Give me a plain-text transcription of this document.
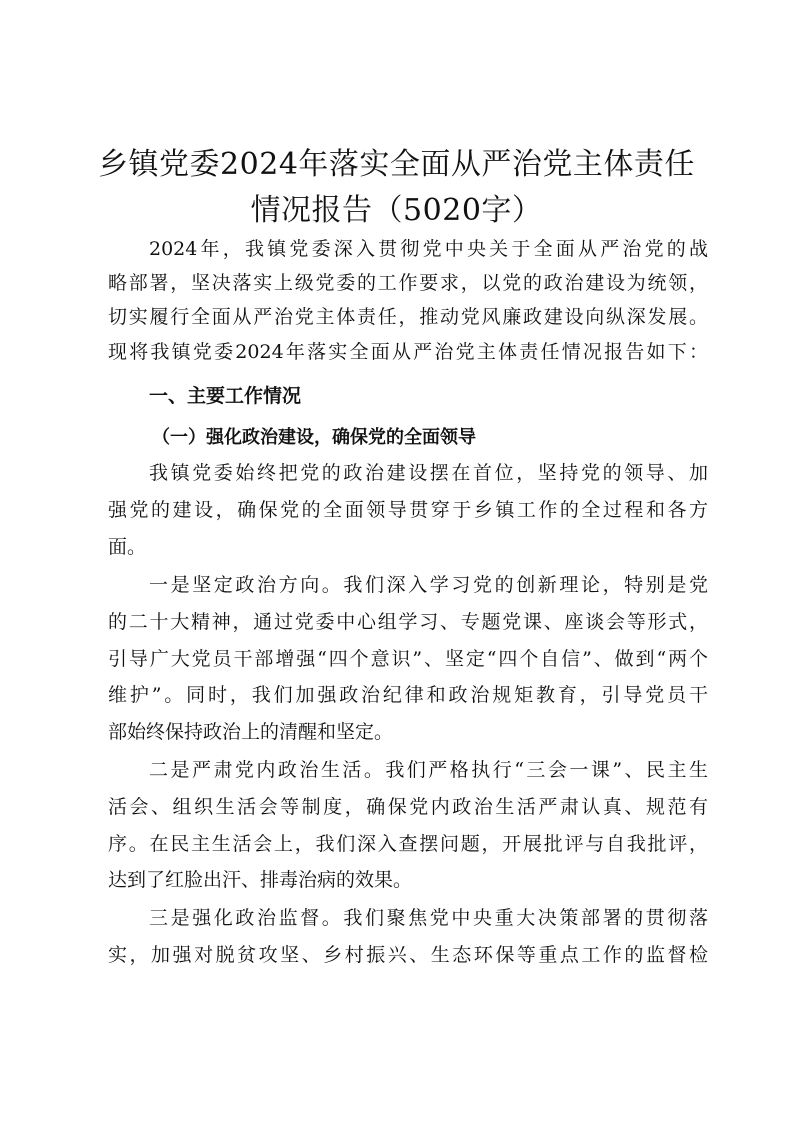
乡镇党委2024年落实全面从严治党主体责任
情况报告（5020字）
2024年，我镇党委深入贯彻党中央关于全面从严治党的战
略部署，坚决落实上级党委的工作要求，以党的政治建设为统领，
切实履行全面从严治党主体责任，推动党风廉政建设向纵深发展。
现将我镇党委2024年落实全面从严治党主体责任情况报告如下：
一、主要工作情况
（一）强化政治建设，确保党的全面领导
我镇党委始终把党的政治建设摆在首位，坚持党的领导、加
强党的建设，确保党的全面领导贯穿于乡镇工作的全过程和各方
面。
一是坚定政治方向。我们深入学习党的创新理论，特别是党
的二十大精神，通过党委中心组学习、专题党课、座谈会等形式，
引导广大党员干部增强“四个意识”、坚定“四个自信”、做到“两个
维护”。同时，我们加强政治纪律和政治规矩教育，引导党员干
部始终保持政治上的清醒和坚定。
二是严肃党内政治生活。我们严格执行“三会一课”、民主生
活会、组织生活会等制度，确保党内政治生活严肃认真、规范有
序。在民主生活会上，我们深入查摆问题，开展批评与自我批评，
达到了红脸出汗、排毒治病的效果。
三是强化政治监督。我们聚焦党中央重大决策部署的贯彻落
实，加强对脱贫攻坚、乡村振兴、生态环保等重点工作的监督检
